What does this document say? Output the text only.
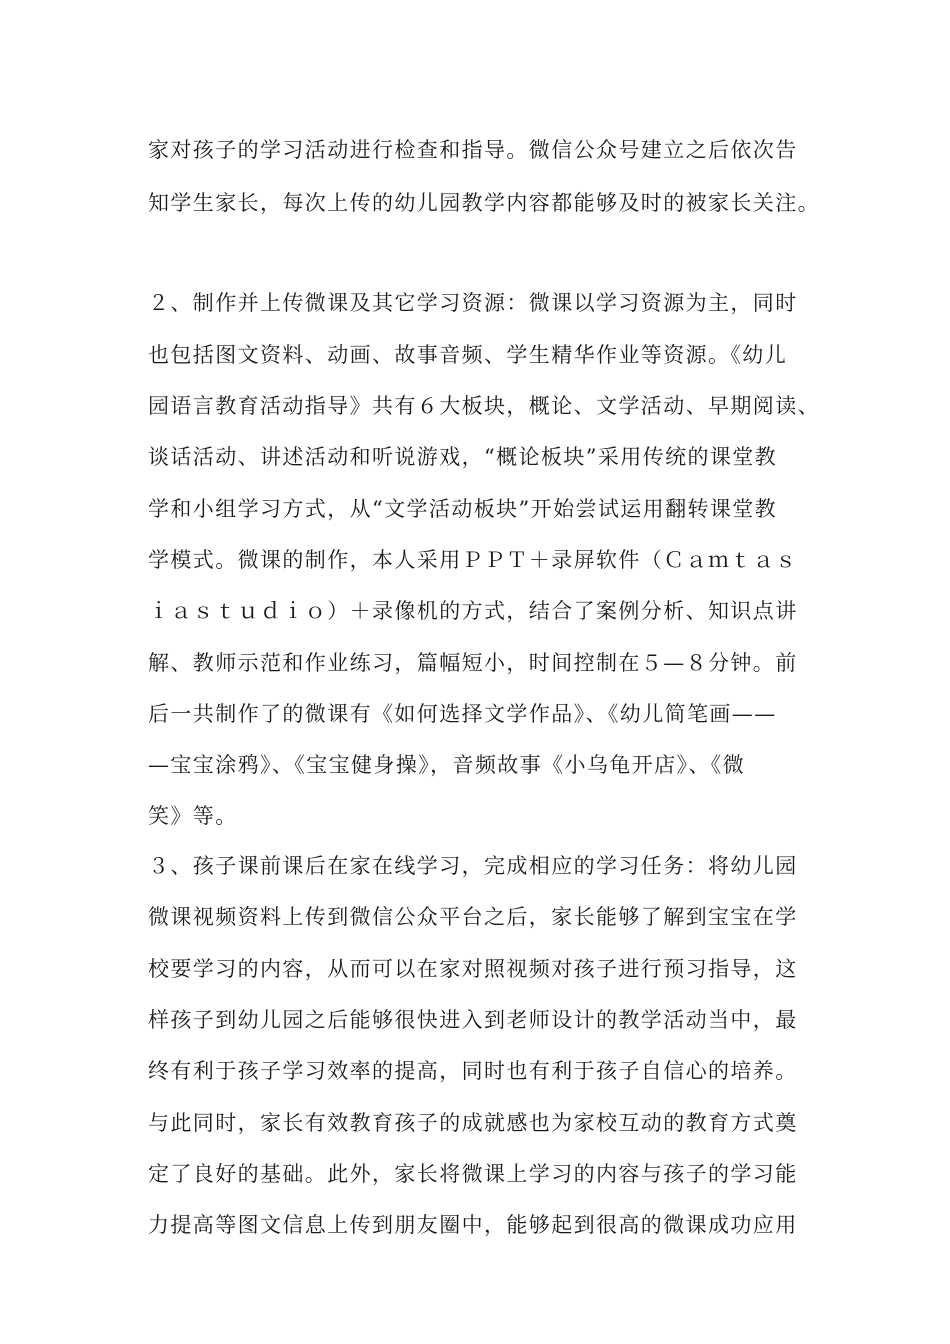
家对孩子的学习活动进行检查和指导。微信公众号建立之后依次告

知学生家长，每次上传的幼儿园教学内容都能够及时的被家长关注。

２、制作并上传微课及其它学习资源：微课以学习资源为主，同时

也包括图文资料、动画、故事音频、学生精华作业等资源。《幼儿

园语言教育活动指导》共有６大板块，概论、文学活动、早期阅读、

谈话活动、讲述活动和听说游戏，“概论板块”采用传统的课堂教

学和小组学习方式，从“文学活动板块”开始尝试运用翻转课堂教

学模式。微课的制作，本人采用ＰＰＴ＋录屏软件（Ｃａｍｔａｓ

ｉａｓｔｕｄｉｏ）＋录像机的方式，结合了案例分析、知识点讲

解、教师示范和作业练习，篇幅短小，时间控制在５—８分钟。前

后一共制作了的微课有《如何选择文学作品》、《幼儿简笔画——

—宝宝涂鸦》、《宝宝健身操》，音频故事《小乌龟开店》、《微

笑》等。

３、孩子课前课后在家在线学习，完成相应的学习任务：将幼儿园

微课视频资料上传到微信公众平台之后，家长能够了解到宝宝在学

校要学习的内容，从而可以在家对照视频对孩子进行预习指导，这

样孩子到幼儿园之后能够很快进入到老师设计的教学活动当中，最

终有利于孩子学习效率的提高，同时也有利于孩子自信心的培养。

与此同时，家长有效教育孩子的成就感也为家校互动的教育方式奠

定了良好的基础。此外，家长将微课上学习的内容与孩子的学习能

力提高等图文信息上传到朋友圈中，能够起到很高的微课成功应用
